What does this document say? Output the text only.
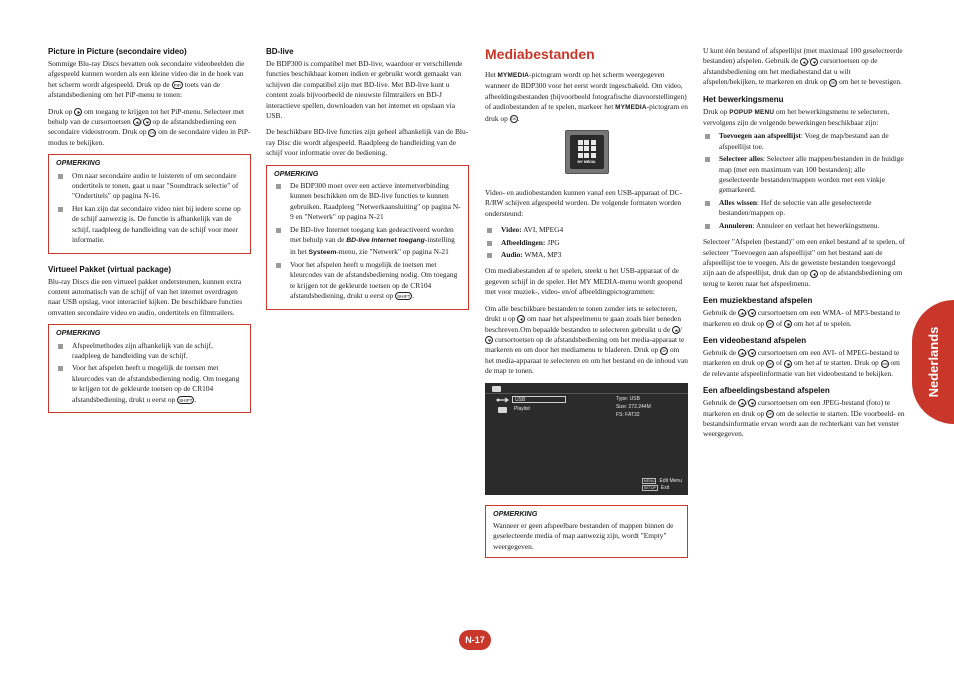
Picture in Picture (secondaire video)

Sommige Blu-ray Discs bevatten ook secondaire videobeelden die afgespeeld kunnen worden als een kleine video die in de hoek van het scherm wordt afgespeeld. Druk op de PIP toets van de afstandsbediening om het PiP-menu te tonen:

Druk op om toegang te krijgen tot het PiP-menu. Selecteer met behulp van de cursortoetsen / op de afstandsbediening een secondaire videostroom. Druk op OK om de secondaire video in PiP-modus te bekijken.

OPMERKING
Om naar secondaire audio te luisteren of om secondaire ondertitels te tonen, gaat u naar "Soundtrack selectie" of "Ondertitels" op pagina N-16.
Het kan zijn dat secondaire video niet bij iedere scene op de schijf aanwezig is. De functie is afhankelijk van de schijf, raadpleeg de handleiding van de schijf voor meer informatie.
Virtueel Pakket (virtual package)

Blu-ray Discs die een virtueel pakket ondersteunen, kunnen extra content automatisch van de schijf of van het internet overdragen naar USB opslag, voor interactief kijken. De beschikbare functies omvatten secondaire video en audio, ondertitels en filmtrailers.

OPMERKING
Afspeelmethodes zijn afhankelijk van de schijf, raadpleeg de handleiding van de schijf.
Voor het afspelen heeft u mogelijk de toetsen met kleurcodes van de afstandsbediening nodig. Om toegang te krijgen tot de gekleurde toetsen op de CR104 afstandsbediening, drukt u eerst op SHIFT .
BD-live

De BDP300 is compatibel met BD-live, waardoor er verschillende functies beschikbaar komen indien er gebruikt wordt gemaakt van schijven die compatibel zijn met BD-live. Met BD-live kunt u content zoals bijvoorbeeld de nieuwste filmtrailers en BD-J interactieve spellen, downloaden van het internet en opslaan via USB.

De beschikbare BD-live functies zijn geheel afhankelijk van de Blu-ray Disc die wordt afgespeeld. Raadpleeg de handleiding van de schijf voor informatie over de bediening.

OPMERKING
De BDP300 moet over een actieve internetverbinding kunnen beschikken om de BD-live functies te kunnen gebruiken. Raadpleeg "Netwerkaansluiting" op pagina N-9 en "Netwerk" op pagina N-21
De BD-live Internet toegang kan gedeactiveerd worden met behulp van de BD-live Internet toegang-instelling in het Systeem-menu, zie "Netwerk" op pagina N-21
Voor het afspelen heeft u mogelijk de toetsen met kleurcodes van de afstandsbediening nodig. Om toegang te krijgen tot de gekleurde toetsen op de CR104 afstandsbediening, drukt u eerst op SHIFT .
Mediabestanden

Het MYMEDIA-pictogram wordt op het scherm weergegeven wanneer de BDP300 voor het eerst wordt ingeschakeld. Om video, afbeeldingsbestanden (bijvoorbeeld fotografische diavoorstellingen) of audiobestanden af te spelen, markeer het MYMEDIA-pictogram en druk op OK .

MY MEDIA

Video- en audiobestanden kunnen vanaf een USB-apparaat of DC-R/RW schijven afgespeeld worden. De volgende formaten worden ondersteund:

Video: AVI, MPEG4
Afbeeldingen: JPG
Audio: WMA, MP3

Om mediabestanden af te spelen, steekt u het USB-apparaat of de gegeven schijf in de speler. Het MY MEDIA-menu wordt geopend met voor muziek-, video- en/of afbeeldingpictogrammen:

Om alle beschikbare bestanden te tonen zonder iets te selecteren, drukt u op om naar het afspeelmenu te gaan zoals hier beneden beschreven.Om bepaalde bestanden te selecteren gebruikt u de /
cursortoetsen op de afstandsbediening om het media-apparaat te markeren en om door het mediamenu te bladeren. Druk op OK om het media-apparaat te selecteren en om het bestand en de inhoud van de map te tonen.

USB
Playlist
Type: USB
Size: 272.244M
FS: FAT32
MENU Edit Menu
SETUP Exit
OPMERKING

Wanneer er geen afspeelbare bestanden of mappen binnen de geselecteerde media of map aanwezig zijn, wordt "Empty" weergegeven.

U kunt één bestand of afspeellijst (met maximaal 100 geselecteerde bestanden) afspelen. Gebruik de / cursortoetsen op de afstandsbediening om het mediabestand dat u wilt afspelen/bekijken, te markeren en druk op OK om het te bevestigen.

Het bewerkingsmenu

Druk op POPUP MENU om het bewerkingsmenu te selecteren, vervolgens zijn de volgende bewerkingen beschikbaar zijn:

Toevoegen aan afspeellijst: Voeg de map/bestand aan de afspeellijst toe.
Selecteer alles: Selecteer alle mappen/bestanden in de huidige map (met een maximum van 100 bestanden); alle geselecteerde bestanden/mappen worden met een vinkje gemarkeerd.
Alles wissen: Hef de selectie van alle geselecteerde bestanden/mappen op.
Annuleren: Annuleer en verlaat het bewerkingsmenu.

Selecteer "Afspelen (bestand)" om een enkel bestand af te spelen, of selecteer "Toevoegen aan afspeellijst" om het bestand aan de afspeellijst toe te voegen. Als de gewenste bestanden toegevoegd zijn aan de afspeellijst, druk dan op op de afstandsbediening om terug te keren naar het afspeelmenu.

Een muziekbestand afspelen

Gebruik de / cursortoetsen om een WMA- of MP3-bestand te markeren en druk op OK of om het af te spelen.

Een videobestand afspelen

Gebruik de / cursortoetsen om een AVI- of MPEG-bestand te markeren en druk op OK of om het af te starten. Druk op DISP om de relevante afspeelinformatie van het videobestand te bekijken.

Een afbeeldingsbestand afspelen

Gebruik de / cursortoetsen om een JPEG-bestand (foto) te markeren en druk op OK om de selectie te starten. IDe voorbeeld- en bestandsinformatie ervan wordt aan de rechterkant van het venster weergegeven.

N-17
Nederlands
